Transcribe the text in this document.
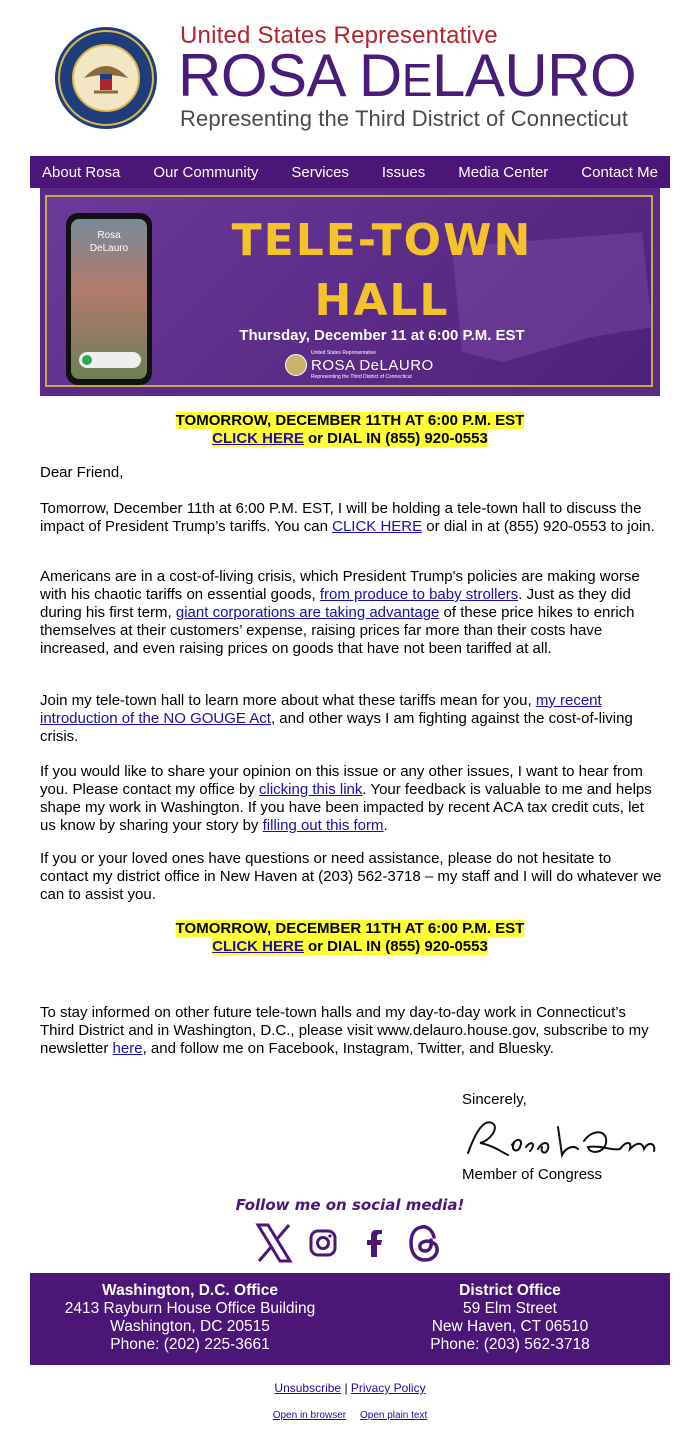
United States Representative
ROSA DELAURO
Representing the Third District of Connecticut
About Rosa Our Community Services Issues Media Center Contact Me
Rosa
DeLauro	TELE-TOWN
HALL
Thursday, December 11 at 6:00 P.M. EST
United States Representative
ROSA DeLAURO
Representing the Third District of Connecticut
TOMORROW, DECEMBER 11TH AT 6:00 P.M. EST
CLICK HERE or DIAL IN (855) 920-0553
Dear Friend,
Tomorrow, December 11th at 6:00 P.M. EST, I will be holding a tele-town hall to discuss the impact of President Trump’s tariffs. You can CLICK HERE or dial in at (855) 920-0553 to join.
Americans are in a cost-of-living crisis, which President Trump's policies are making worse with his chaotic tariffs on essential goods, from produce to baby strollers. Just as they did during his first term, giant corporations are taking advantage of these price hikes to enrich themselves at their customers’ expense, raising prices far more than their costs have increased, and even raising prices on goods that have not been tariffed at all.
Join my tele-town hall to learn more about what these tariffs mean for you, my recent introduction of the NO GOUGE Act, and other ways I am fighting against the cost-of-living crisis.
If you would like to share your opinion on this issue or any other issues, I want to hear from you. Please contact my office by clicking this link. Your feedback is valuable to me and helps shape my work in Washington. If you have been impacted by recent ACA tax credit cuts, let us know by sharing your story by filling out this form.
If you or your loved ones have questions or need assistance, please do not hesitate to contact my district office in New Haven at (203) 562-3718 – my staff and I will do whatever we can to assist you.
TOMORROW, DECEMBER 11TH AT 6:00 P.M. EST
CLICK HERE or DIAL IN (855) 920-0553
To stay informed on other future tele-town halls and my day-to-day work in Connecticut’s Third District and in Washington, D.C., please visit www.delauro.house.gov, subscribe to my newsletter here, and follow me on Facebook, Instagram, Twitter, and Bluesky.
Sincerely,
Member of Congress
Follow me on social media!
Washington, D.C. Office
2413 Rayburn House Office Building
Washington, DC 20515
Phone: (202) 225-3661
District Office
59 Elm Street
New Haven, CT 06510
Phone: (203) 562-3718
Unsubscribe | Privacy Policy
Open in browser Open plain text
